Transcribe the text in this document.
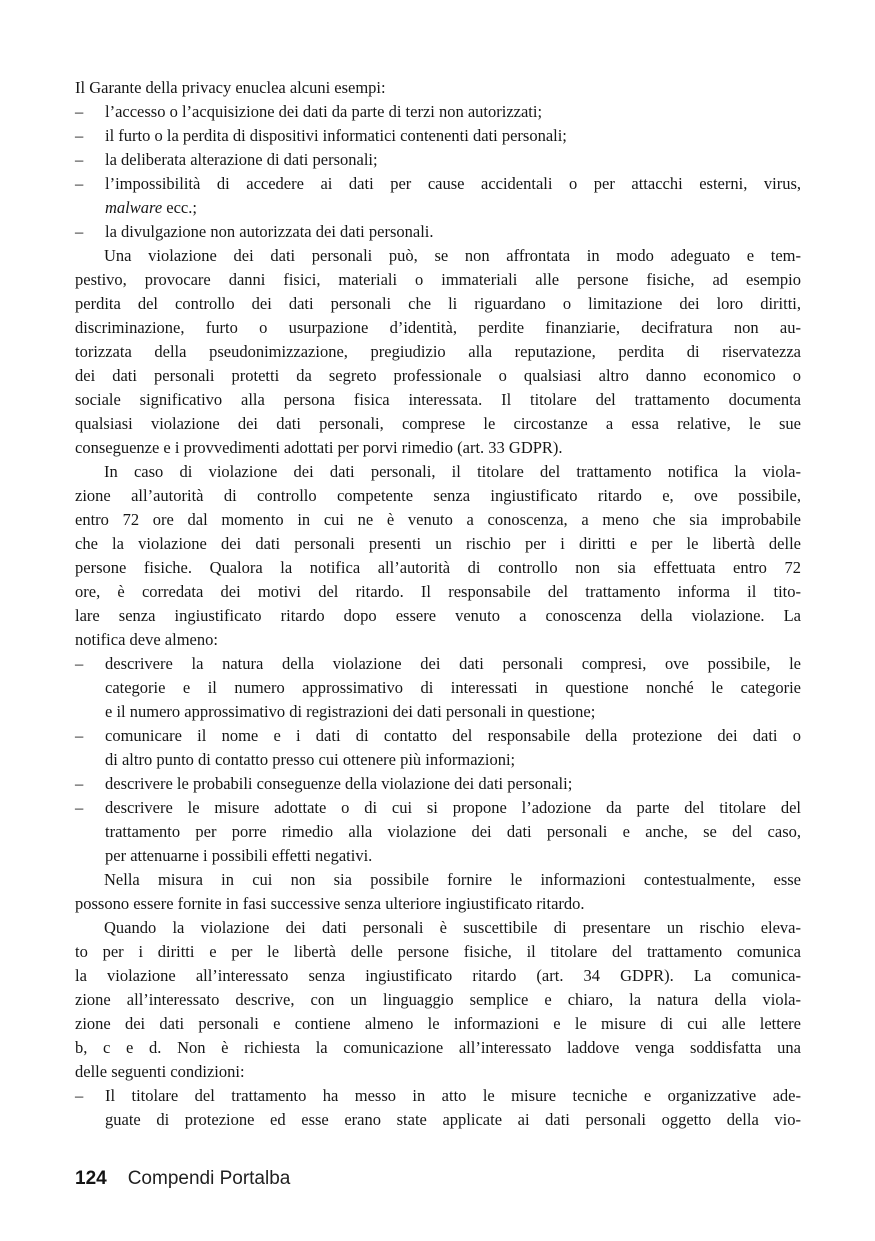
Il Garante della privacy enuclea alcuni esempi:
– l’accesso o l’acquisizione dei dati da parte di terzi non autorizzati;
– il furto o la perdita di dispositivi informatici contenenti dati personali;
– la deliberata alterazione di dati personali;
– l’impossibilità di accedere ai dati per cause accidentali o per attacchi esterni, virus,
malware ecc.;
– la divulgazione non autorizzata dei dati personali.
Una violazione dei dati personali può, se non affrontata in modo adeguato e tem-
pestivo, provocare danni fisici, materiali o immateriali alle persone fisiche, ad esempio
perdita del controllo dei dati personali che li riguardano o limitazione dei loro diritti,
discriminazione, furto o usurpazione d’identità, perdite finanziarie, decifratura non au-
torizzata della pseudonimizzazione, pregiudizio alla reputazione, perdita di riservatezza
dei dati personali protetti da segreto professionale o qualsiasi altro danno economico o
sociale significativo alla persona fisica interessata. Il titolare del trattamento documenta
qualsiasi violazione dei dati personali, comprese le circostanze a essa relative, le sue
conseguenze e i provvedimenti adottati per porvi rimedio (art. 33 GDPR).
In caso di violazione dei dati personali, il titolare del trattamento notifica la viola-
zione all’autorità di controllo competente senza ingiustificato ritardo e, ove possibile,
entro 72 ore dal momento in cui ne è venuto a conoscenza, a meno che sia improbabile
che la violazione dei dati personali presenti un rischio per i diritti e per le libertà delle
persone fisiche. Qualora la notifica all’autorità di controllo non sia effettuata entro 72
ore, è corredata dei motivi del ritardo. Il responsabile del trattamento informa il tito-
lare senza ingiustificato ritardo dopo essere venuto a conoscenza della violazione. La
notifica deve almeno:
– descrivere la natura della violazione dei dati personali compresi, ove possibile, le
categorie e il numero approssimativo di interessati in questione nonché le categorie
e il numero approssimativo di registrazioni dei dati personali in questione;
– comunicare il nome e i dati di contatto del responsabile della protezione dei dati o
di altro punto di contatto presso cui ottenere più informazioni;
– descrivere le probabili conseguenze della violazione dei dati personali;
– descrivere le misure adottate o di cui si propone l’adozione da parte del titolare del
trattamento per porre rimedio alla violazione dei dati personali e anche, se del caso,
per attenuarne i possibili effetti negativi.
Nella misura in cui non sia possibile fornire le informazioni contestualmente, esse
possono essere fornite in fasi successive senza ulteriore ingiustificato ritardo.
Quando la violazione dei dati personali è suscettibile di presentare un rischio eleva-
to per i diritti e per le libertà delle persone fisiche, il titolare del trattamento comunica
la violazione all’interessato senza ingiustificato ritardo (art. 34 GDPR). La comunica-
zione all’interessato descrive, con un linguaggio semplice e chiaro, la natura della viola-
zione dei dati personali e contiene almeno le informazioni e le misure di cui alle lettere
b, c e d. Non è richiesta la comunicazione all’interessato laddove venga soddisfatta una
delle seguenti condizioni:
– Il titolare del trattamento ha messo in atto le misure tecniche e organizzative ade-
guate di protezione ed esse erano state applicate ai dati personali oggetto della vio-
124 Compendi Portalba
